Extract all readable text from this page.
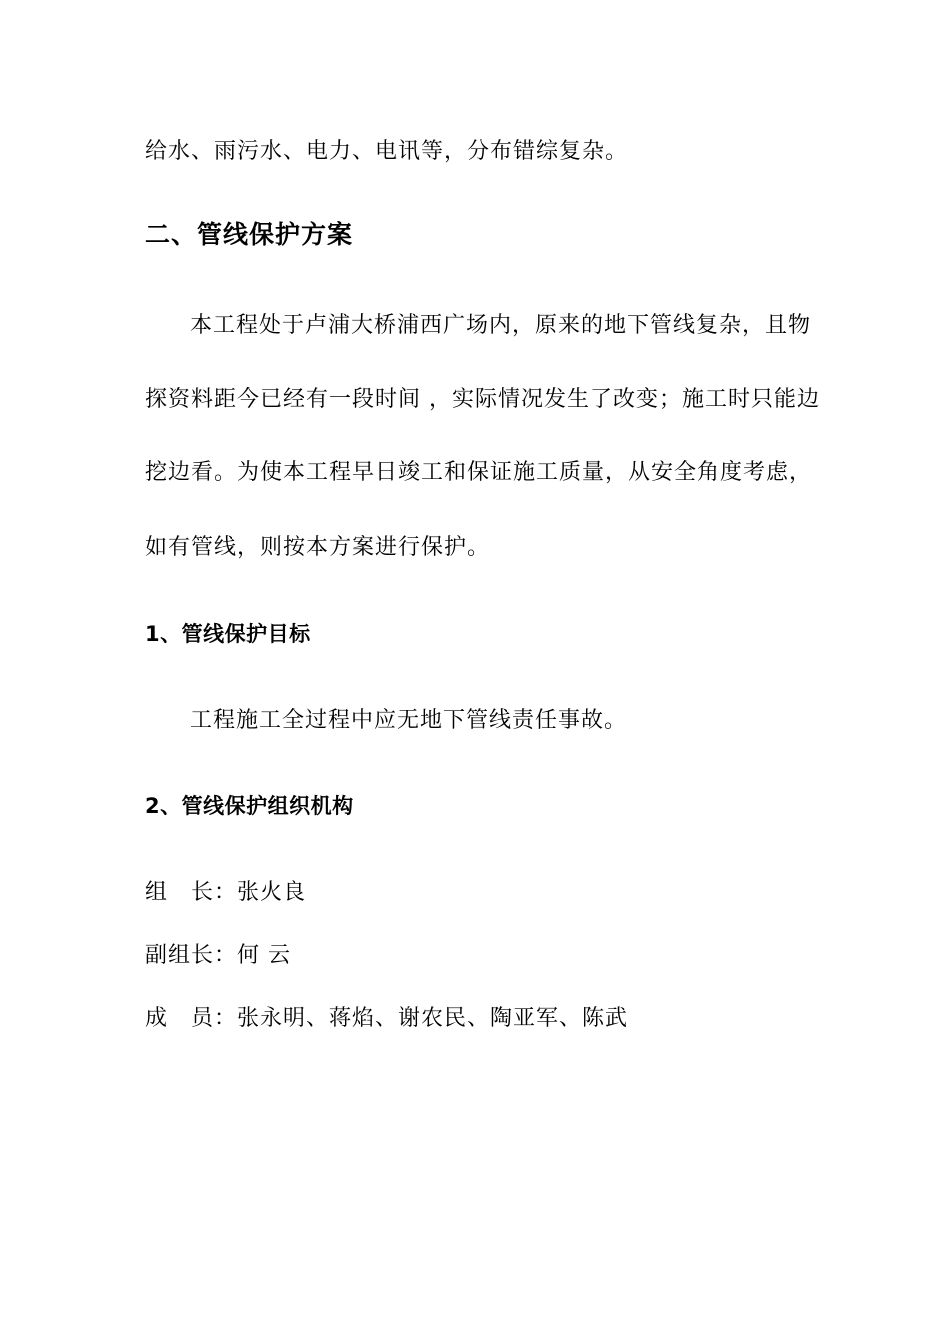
给水、雨污水、电力、电讯等，分布错综复杂。
二、管线保护方案
本工程处于卢浦大桥浦西广场内，原来的地下管线复杂，且物
探资料距今已经有一段时间 ，实际情况发生了改变；施工时只能边
挖边看。为使本工程早日竣工和保证施工质量，从安全角度考虑，
如有管线，则按本方案进行保护。
1、管线保护目标
工程施工全过程中应无地下管线责任事故。
2、管线保护组织机构
组　长：张火良
副组长：何 云
成　员：张永明、蒋焰、谢农民、陶亚军、陈武
